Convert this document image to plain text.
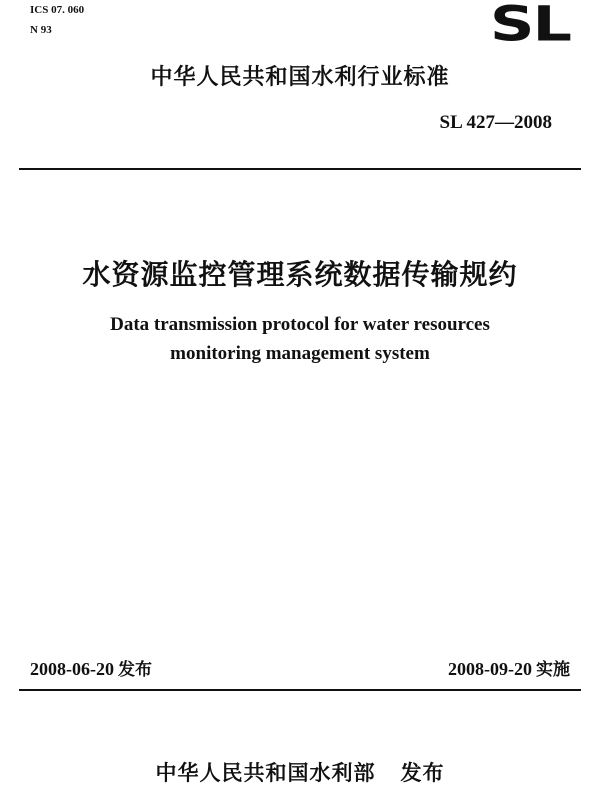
ICS 07. 060
N 93	SL
中华人民共和国水利行业标准
SL 427—2008
水资源监控管理系统数据传输规约
Data transmission protocol for water resources
monitoring management system
2008-06-20 发布	2008-09-20 实施
中华人民共和国水利部 发布
